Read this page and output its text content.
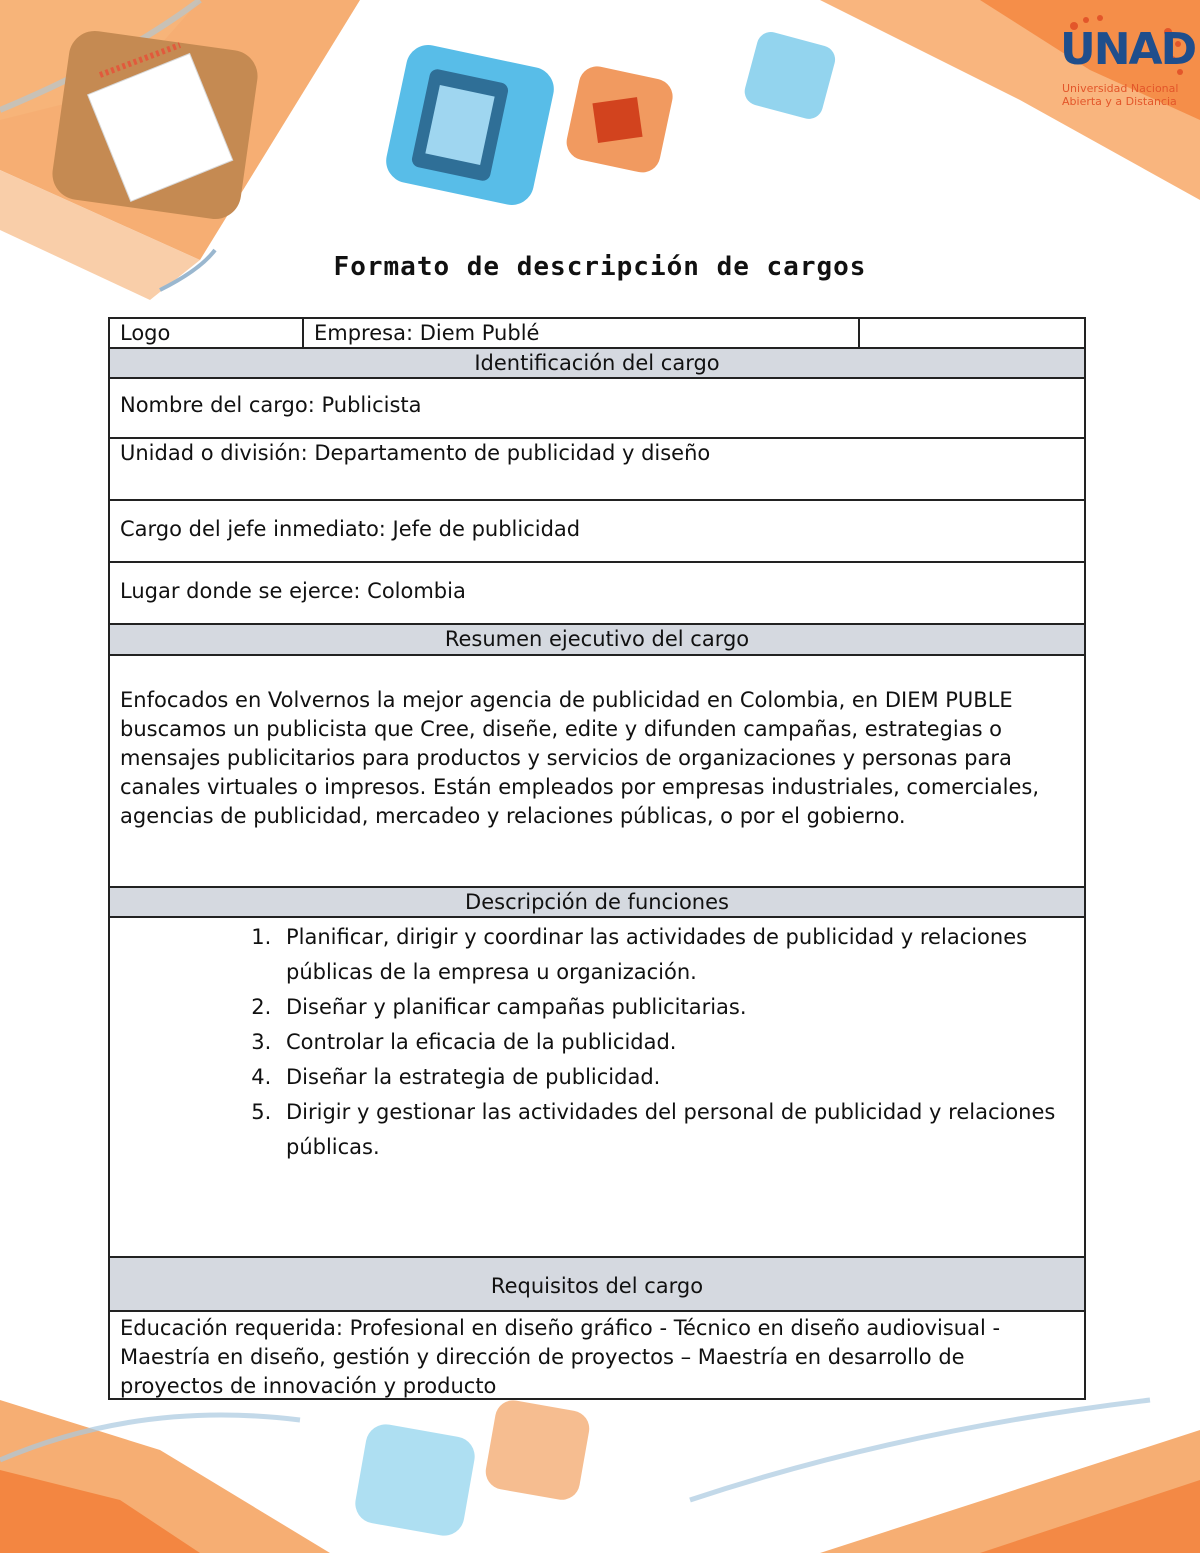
UNAD
Universidad Nacional
Abierta y a Distancia
Formato de descripción de cargos
Logo	Empresa: Diem Publé
Identificación del cargo
Nombre del cargo: Publicista
Unidad o división: Departamento de publicidad y diseño
Cargo del jefe inmediato: Jefe de publicidad
Lugar donde se ejerce: Colombia
Resumen ejecutivo del cargo
Enfocados en Volvernos la mejor agencia de publicidad en Colombia, en DIEM PUBLE buscamos un publicista que Cree, diseñe, edite y difunden campañas, estrategias o mensajes publicitarios para productos y servicios de organizaciones y personas para canales virtuales o impresos. Están empleados por empresas industriales, comerciales, agencias de publicidad, mercadeo y relaciones públicas, o por el gobierno.
Descripción de funciones
1. Planificar, dirigir y coordinar las actividades de publicidad y relaciones públicas de la empresa u organización.
2. Diseñar y planificar campañas publicitarias.
3. Controlar la eficacia de la publicidad.
4. Diseñar la estrategia de publicidad.
5. Dirigir y gestionar las actividades del personal de publicidad y relaciones públicas.
Requisitos del cargo
Educación requerida: Profesional en diseño gráfico - Técnico en diseño audiovisual - Maestría en diseño, gestión y dirección de proyectos – Maestría en desarrollo de proyectos de innovación y producto
